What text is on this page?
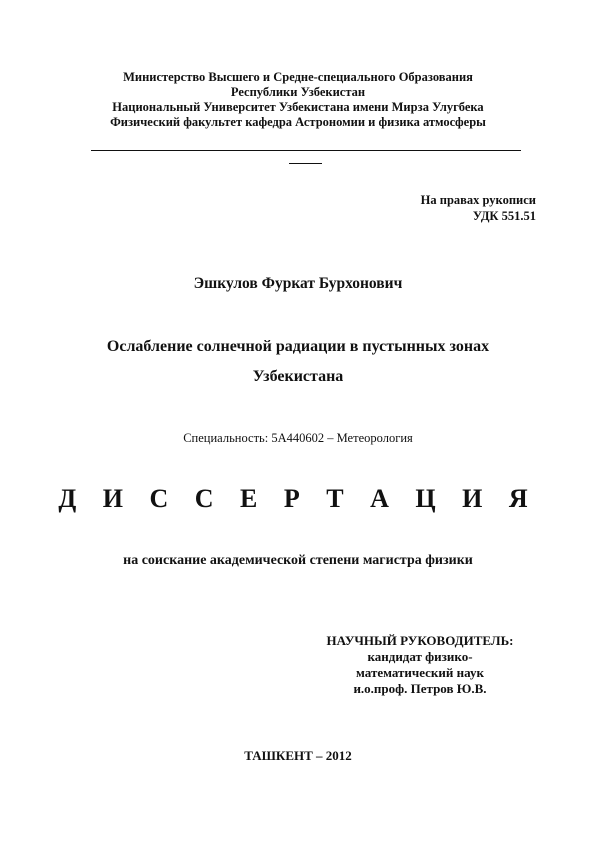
Министерство Высшего и Средне-специального Образования
Республики Узбекистан
Национальный Университет Узбекистана имени Мирза Улугбека
Физический факультет кафедра Астрономии и физика атмосферы
На правах рукописи
УДК 551.51
Эшкулов Фуркат Бурхонович
Ослабление солнечной радиации в пустынных зонах
Узбекистана
Специальность: 5А440602 – Метеорология
Д И С С Е Р Т А Ц И Я
на соискание академической степени магистра физики
НАУЧНЫЙ РУКОВОДИТЕЛЬ:
кандидат физико-
математический наук
и.о.проф. Петров Ю.В.
ТАШКЕНТ – 2012
